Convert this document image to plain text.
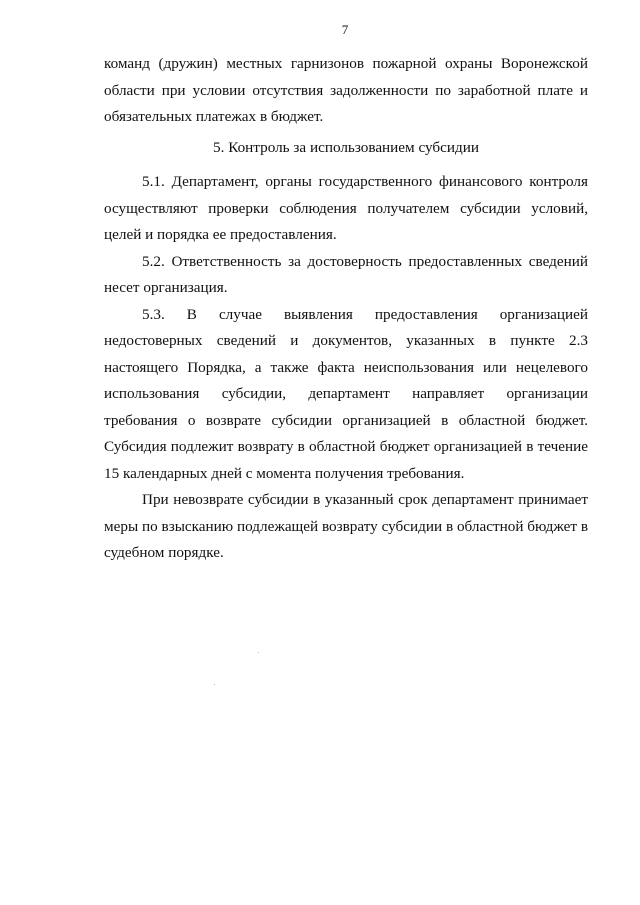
7

команд (дружин) местных гарнизонов пожарной охраны Воронежской области при условии отсутствия задолженности по заработной плате и обязательных платежах в бюджет.

5. Контроль за использованием субсидии

5.1. Департамент, органы государственного финансового контроля осуществляют проверки соблюдения получателем субсидии условий, целей и порядка ее предоставления.

5.2. Ответственность за достоверность предоставленных сведений несет организация.

5.3. В случае выявления предоставления организацией недостоверных сведений и документов, указанных в пункте 2.3 настоящего Порядка, а также факта неиспользования или нецелевого использования субсидии, департамент направляет организации требования о возврате субсидии организацией в областной бюджет. Субсидия подлежит возврату в областной бюджет организацией в течение 15 календарных дней с момента получения требования.

При невозврате субсидии в указанный срок департамент принимает меры по взысканию подлежащей возврату субсидии в областной бюджет в судебном порядке.
